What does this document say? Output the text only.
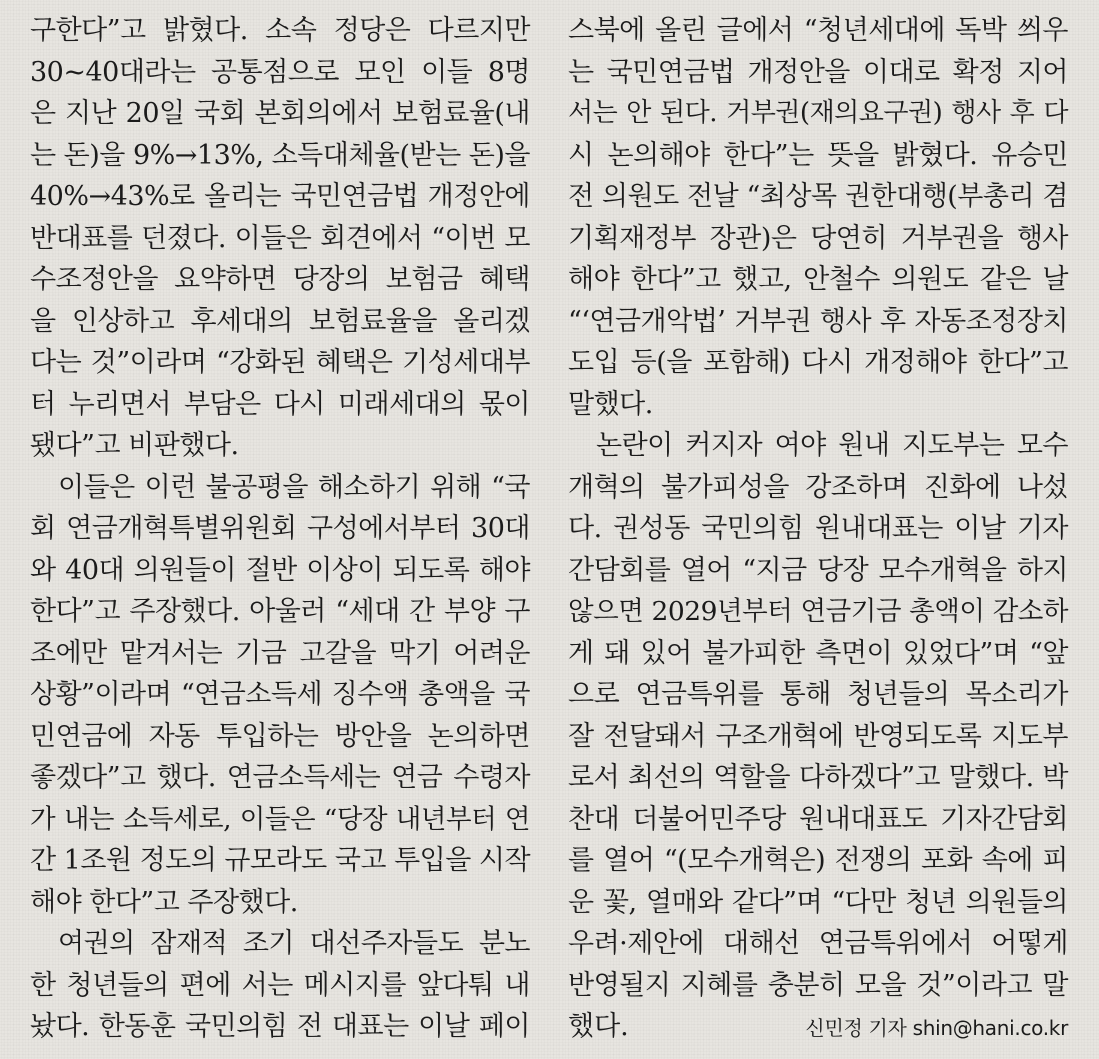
구한다”고 밝혔다. 소속 정당은 다르지만
30~40대라는 공통점으로 모인 이들 8명
은 지난 20일 국회 본회의에서 보험료율(내
는 돈)을 9%→13%, 소득대체율(받는 돈)을
40%→43%로 올리는 국민연금법 개정안에
반대표를 던졌다. 이들은 회견에서 “이번 모
수조정안을 요약하면 당장의 보험금 혜택
을 인상하고 후세대의 보험료율을 올리겠
다는 것”이라며 “강화된 혜택은 기성세대부
터 누리면서 부담은 다시 미래세대의 몫이
됐다”고 비판했다.
이들은 이런 불공평을 해소하기 위해 “국
회 연금개혁특별위원회 구성에서부터 30대
와 40대 의원들이 절반 이상이 되도록 해야
한다”고 주장했다. 아울러 “세대 간 부양 구
조에만 맡겨서는 기금 고갈을 막기 어려운
상황”이라며 “연금소득세 징수액 총액을 국
민연금에 자동 투입하는 방안을 논의하면
좋겠다”고 했다. 연금소득세는 연금 수령자
가 내는 소득세로, 이들은 “당장 내년부터 연
간 1조원 정도의 규모라도 국고 투입을 시작
해야 한다”고 주장했다.
여권의 잠재적 조기 대선주자들도 분노
한 청년들의 편에 서는 메시지를 앞다퉈 내
놨다. 한동훈 국민의힘 전 대표는 이날 페이
스북에 올린 글에서 “청년세대에 독박 씌우
는 국민연금법 개정안을 이대로 확정 지어
서는 안 된다. 거부권(재의요구권) 행사 후 다
시 논의해야 한다”는 뜻을 밝혔다. 유승민
전 의원도 전날 “최상목 권한대행(부총리 겸
기획재정부 장관)은 당연히 거부권을 행사
해야 한다”고 했고, 안철수 의원도 같은 날
“‘연금개악법’ 거부권 행사 후 자동조정장치
도입 등(을 포함해) 다시 개정해야 한다”고
말했다.
논란이 커지자 여야 원내 지도부는 모수
개혁의 불가피성을 강조하며 진화에 나섰
다. 권성동 국민의힘 원내대표는 이날 기자
간담회를 열어 “지금 당장 모수개혁을 하지
않으면 2029년부터 연금기금 총액이 감소하
게 돼 있어 불가피한 측면이 있었다”며 “앞
으로 연금특위를 통해 청년들의 목소리가
잘 전달돼서 구조개혁에 반영되도록 지도부
로서 최선의 역할을 다하겠다”고 말했다. 박
찬대 더불어민주당 원내대표도 기자간담회
를 열어 “(모수개혁은) 전쟁의 포화 속에 피
운 꽃, 열매와 같다”며 “다만 청년 의원들의
우려·제안에 대해선 연금특위에서 어떻게
반영될지 지혜를 충분히 모을 것”이라고 말
했다.	신민정 기자 shin@hani.co.kr
